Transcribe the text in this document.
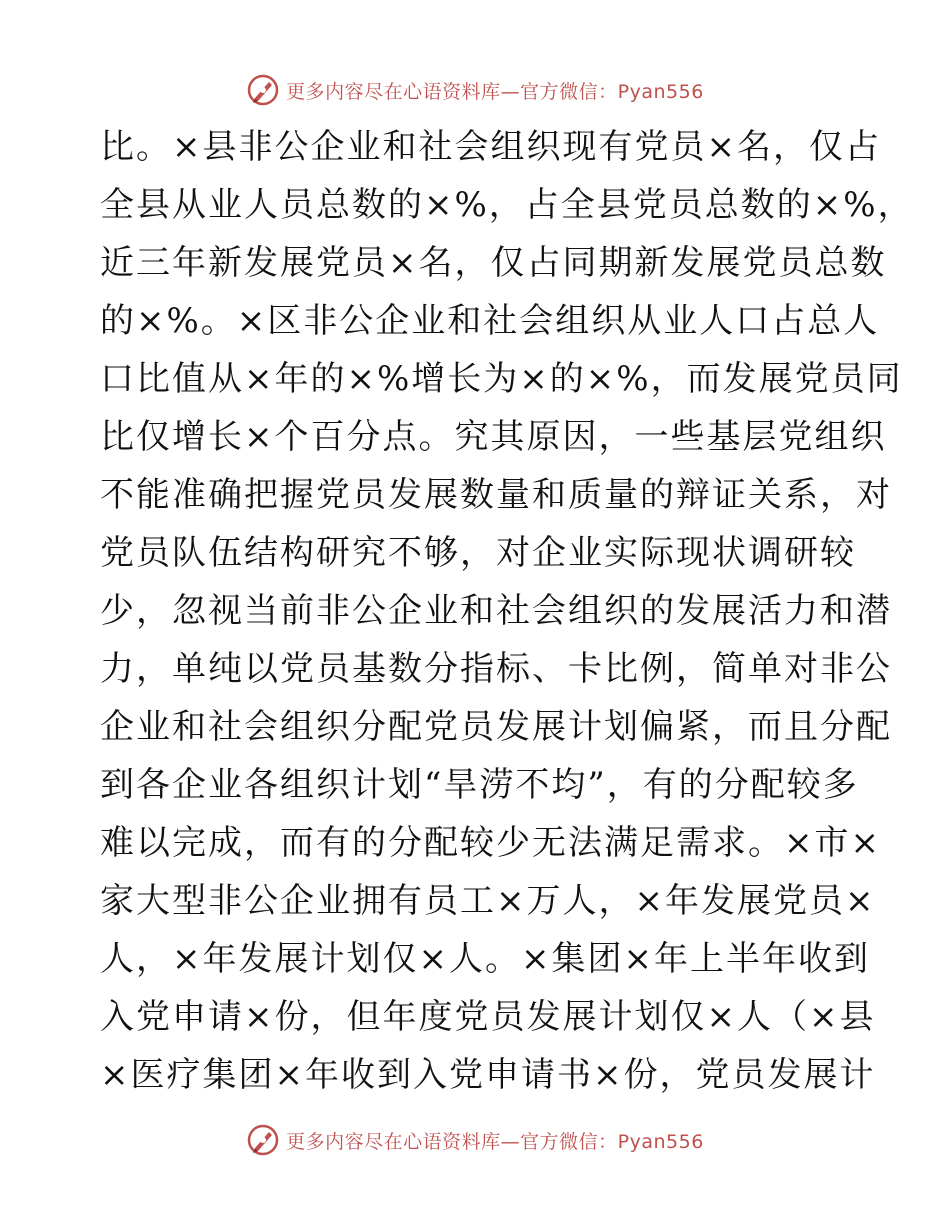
更多内容尽在心语资料库—官方微信：Pyan556
比。×县非公企业和社会组织现有党员×名，仅占
全县从业人员总数的×%，占全县党员总数的×%，
近三年新发展党员×名，仅占同期新发展党员总数
的×%。×区非公企业和社会组织从业人口占总人
口比值从×年的×%增长为×的×%，而发展党员同
比仅增长×个百分点。究其原因，一些基层党组织
不能准确把握党员发展数量和质量的辩证关系，对
党员队伍结构研究不够，对企业实际现状调研较
少，忽视当前非公企业和社会组织的发展活力和潜
力，单纯以党员基数分指标、卡比例，简单对非公
企业和社会组织分配党员发展计划偏紧，而且分配
到各企业各组织计划“旱涝不均”，有的分配较多
难以完成，而有的分配较少无法满足需求。×市×
家大型非公企业拥有员工×万人，×年发展党员×
人，×年发展计划仅×人。×集团×年上半年收到
入党申请×份，但年度党员发展计划仅×人（×县
×医疗集团×年收到入党申请书×份，党员发展计
更多内容尽在心语资料库—官方微信：Pyan556
